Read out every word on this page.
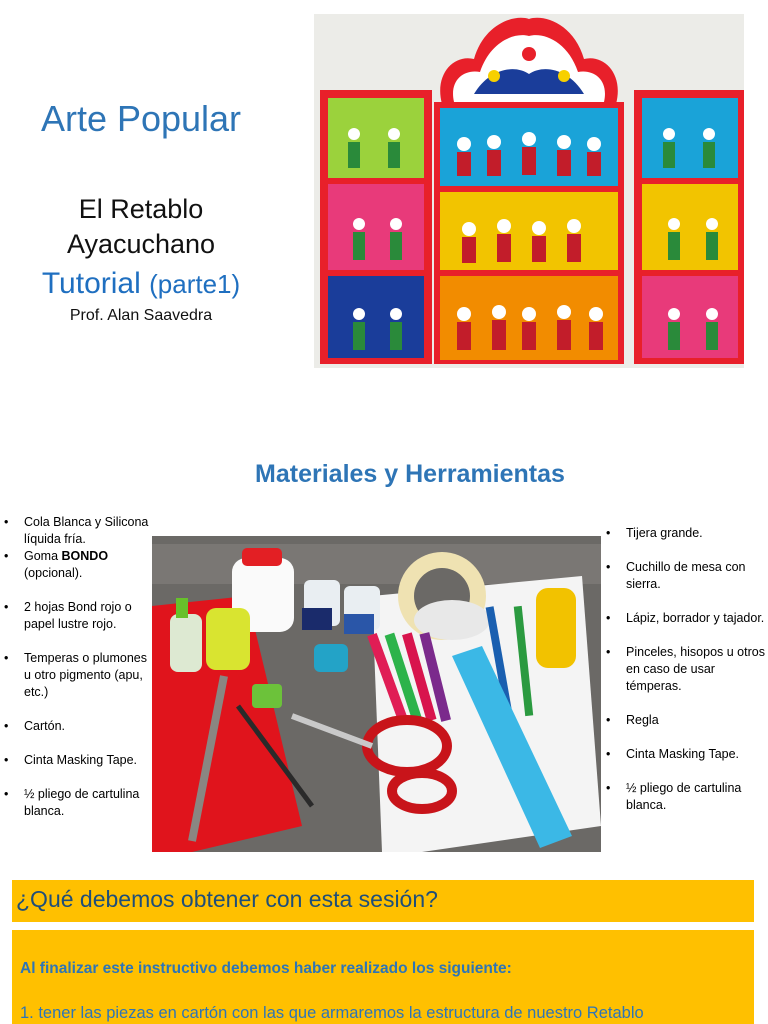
Arte Popular
El Retablo
Ayacuchano
Tutorial (parte1)
Prof. Alan Saavedra
Materiales y Herramientas
• Cola Blanca y Silicona líquida fría.
• Goma BONDO (opcional).
• 2 hojas Bond rojo o papel lustre rojo.
• Temperas o plumones u otro pigmento (apu, etc.)
• Cartón.
• Cinta Masking Tape.
• ½ pliego de cartulina blanca.
• Tijera grande.
• Cuchillo de mesa con sierra.
• Lápiz, borrador y tajador.
• Pinceles, hisopos u otros en caso de usar témperas.
• Regla
• Cinta Masking Tape.
• ½ pliego de cartulina blanca.
¿Qué debemos obtener con esta sesión?
Al finalizar este instructivo debemos haber realizado los siguiente:
1. tener las piezas en cartón con las que armaremos la estructura de nuestro Retablo
